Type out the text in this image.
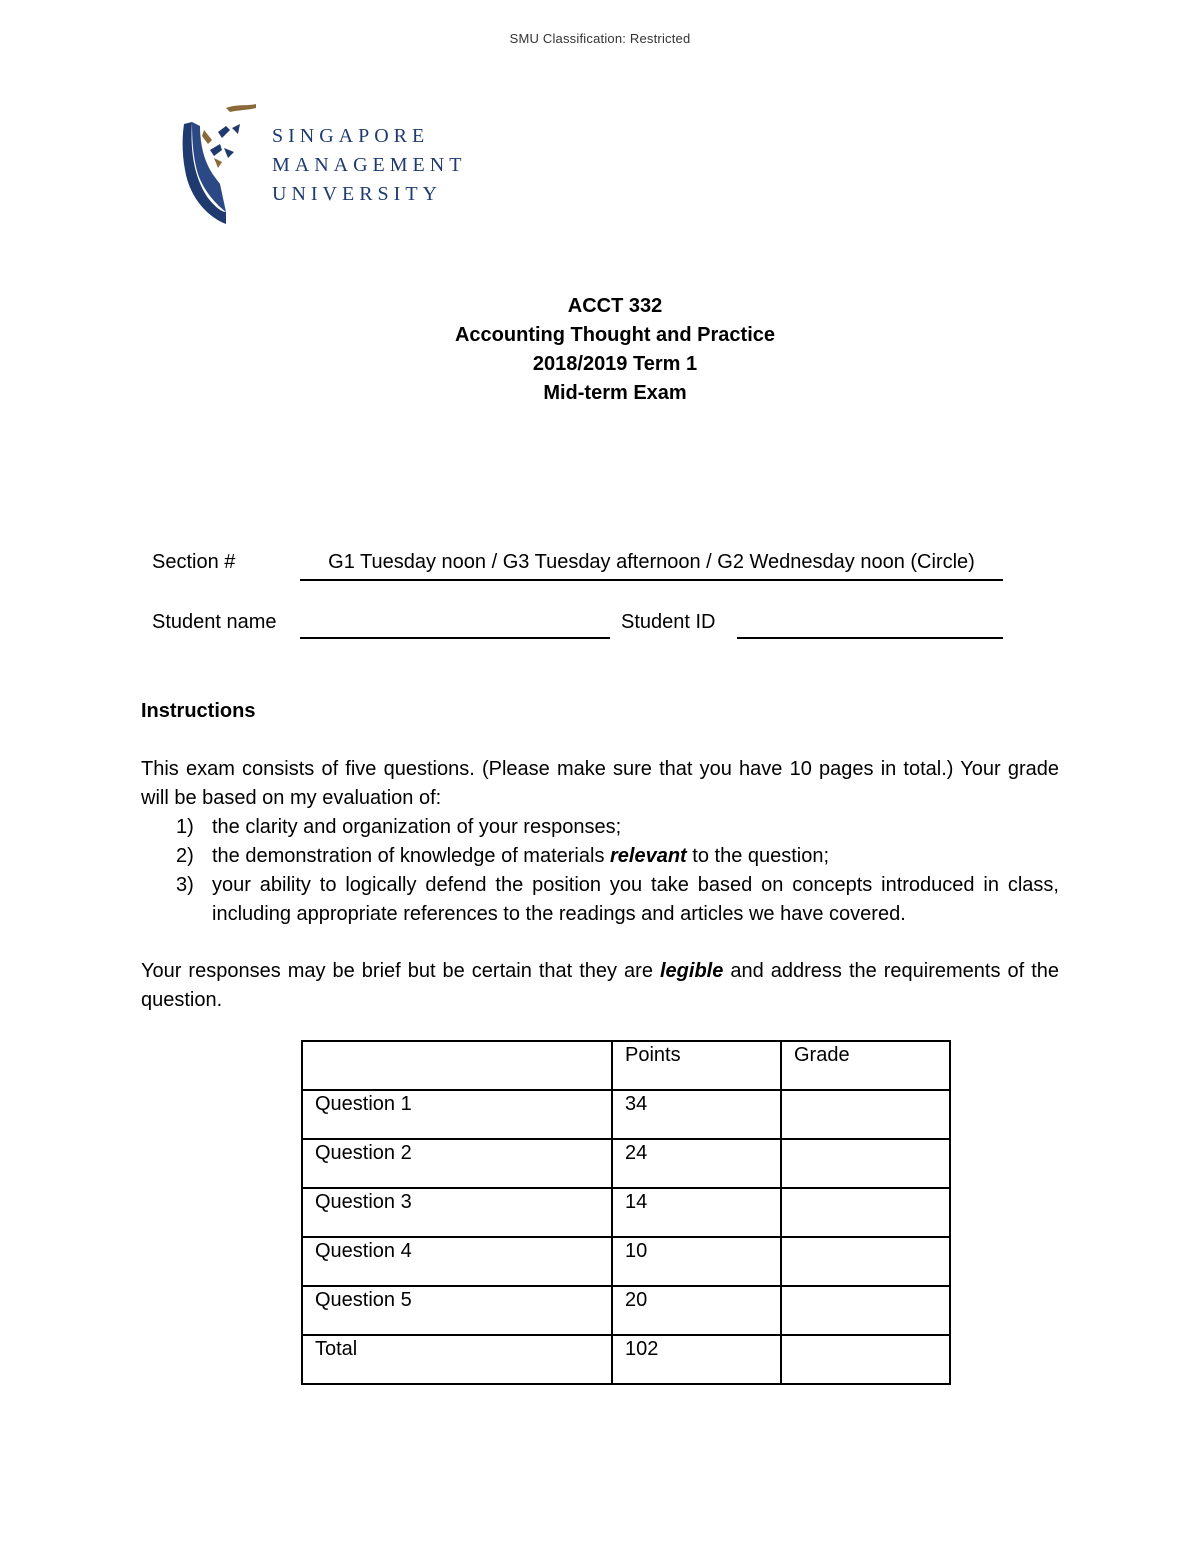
SMU Classification: Restricted
SINGAPORE
MANAGEMENT
UNIVERSITY
ACCT 332
Accounting Thought and Practice
2018/2019 Term 1
Mid-term Exam
Section #	G1 Tuesday noon / G3 Tuesday afternoon / G2 Wednesday noon (Circle)
Student name	Student ID
Instructions
This exam consists of five questions. (Please make sure that you have 10 pages in total.) Your grade will be based on my evaluation of:
1) the clarity and organization of your responses;
2) the demonstration of knowledge of materials relevant to the question;
3) your ability to logically defend the position you take based on concepts introduced in class, including appropriate references to the readings and articles we have covered.
Your responses may be brief but be certain that they are legible and address the requirements of the question.
	Points	Grade
Question 1	34	
Question 2	24	
Question 3	14	
Question 4	10	
Question 5	20	
Total	102	
